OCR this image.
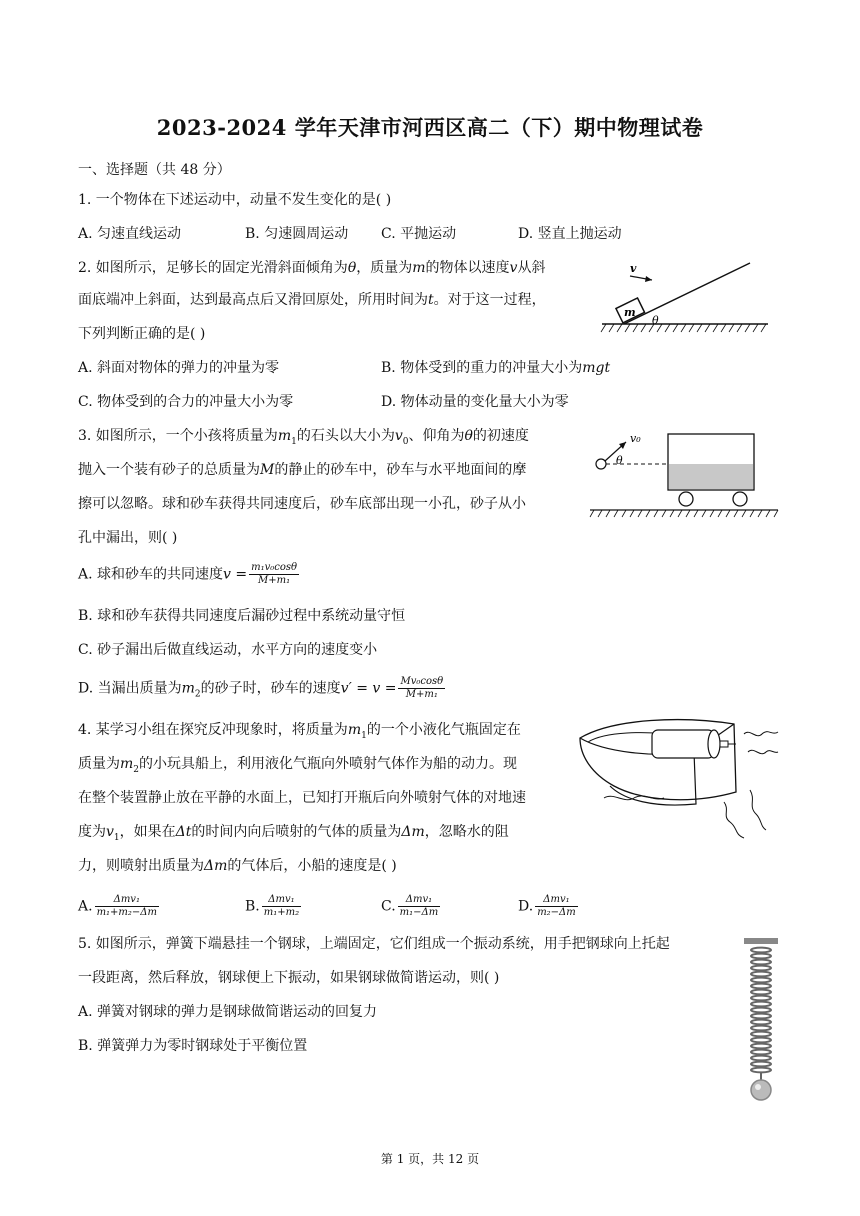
2023-2024 学年天津市河西区高二（下）期中物理试卷
一、选择题（共 48 分）
1. 一个物体在下述运动中，动量不发生变化的是( )
A. 匀速直线运动	B. 匀速圆周运动 C. 平抛运动	D. 竖直上抛运动
2. 如图所示，足够长的固定光滑斜面倾角为θ，质量为m的物体以速度v从斜
面底端冲上斜面，达到最高点后又滑回原处，所用时间为t。对于这一过程，
下列判断正确的是( )
A. 斜面对物体的弹力的冲量为零	B. 物体受到的重力的冲量大小为mgt
C. 物体受到的合力的冲量大小为零	D. 物体动量的变化量大小为零
m
θ
v
3. 如图所示，一个小孩将质量为$m_1$的石头以大小为$v_0$、仰角为θ的初速度
抛入一个装有砂子的总质量为M的静止的砂车中，砂车与水平地面间的摩
擦可以忽略。球和砂车获得共同速度后，砂车底部出现一小孔，砂子从小
孔中漏出，则( )
A. 球和砂车的共同速度$v = \frac{\text{m₁v₀cosθ}}{\text{M+m₁}}$
B. 球和砂车获得共同速度后漏砂过程中系统动量守恒
C. 砂子漏出后做直线运动，水平方向的速度变小
D. 当漏出质量为$m_2$的砂子时，砂车的速度$v' = v = \frac{\text{Mv₀cosθ}}{\text{M+m₁}}$
v₀
θ
4. 某学习小组在探究反冲现象时，将质量为$m_1$的一个小液化气瓶固定在
质量为$m_2$的小玩具船上，利用液化气瓶向外喷射气体作为船的动力。现
在整个装置静止放在平静的水面上，已知打开瓶后向外喷射气体的对地速
度为$v_1$，如果在Δt的时间内向后喷射的气体的质量为Δm，忽略水的阻
力，则喷射出质量为Δm的气体后，小船的速度是( )
A. $\frac{\text{Δmv₁}}{\text{m₁+m₂−Δm}}$	B. $\frac{\text{Δmv₁}}{\text{m₁+m₂}}$	C. $\frac{\text{Δmv₁}}{\text{m₁−Δm}}$	D. $\frac{\text{Δmv₁}}{\text{m₂−Δm}}$
5. 如图所示，弹簧下端悬挂一个钢球，上端固定，它们组成一个振动系统，用手把钢球向上托起
一段距离，然后释放，钢球便上下振动，如果钢球做简谐运动，则( )
A. 弹簧对钢球的弹力是钢球做简谐运动的回复力
B. 弹簧弹力为零时钢球处于平衡位置
第 1 页，共 12 页
